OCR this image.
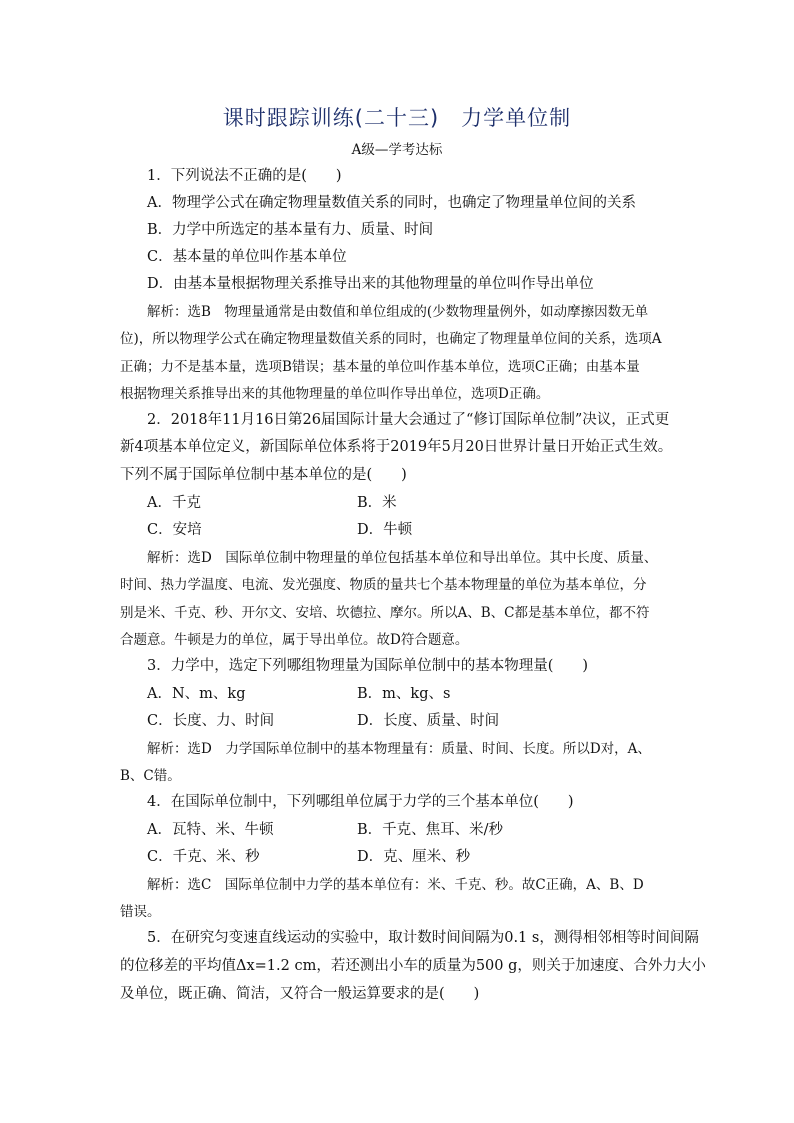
课时跟踪训练(二十三)　力学单位制
A级—学考达标
1．下列说法不正确的是(　　)
A．物理学公式在确定物理量数值关系的同时，也确定了物理量单位间的关系
B．力学中所选定的基本量有力、质量、时间
C．基本量的单位叫作基本单位
D．由基本量根据物理关系推导出来的其他物理量的单位叫作导出单位
解析：选B　物理量通常是由数值和单位组成的(少数物理量例外，如动摩擦因数无单
位)，所以物理学公式在确定物理量数值关系的同时，也确定了物理量单位间的关系，选项A
正确；力不是基本量，选项B错误；基本量的单位叫作基本单位，选项C正确；由基本量
根据物理关系推导出来的其他物理量的单位叫作导出单位，选项D正确。
2．2018年11月16日第26届国际计量大会通过了“修订国际单位制”决议，正式更
新4项基本单位定义，新国际单位体系将于2019年5月20日世界计量日开始正式生效。
下列不属于国际单位制中基本单位的是(　　)
A．千克	B．米
C．安培	D．牛顿
解析：选D　国际单位制中物理量的单位包括基本单位和导出单位。其中长度、质量、
时间、热力学温度、电流、发光强度、物质的量共七个基本物理量的单位为基本单位，分
别是米、千克、秒、开尔文、安培、坎德拉、摩尔。所以A、B、C都是基本单位，都不符
合题意。牛顿是力的单位，属于导出单位。故D符合题意。
3．力学中，选定下列哪组物理量为国际单位制中的基本物理量(　　)
A．N、m、kg	B．m、kg、s
C．长度、力、时间	D．长度、质量、时间
解析：选D　力学国际单位制中的基本物理量有：质量、时间、长度。所以D对，A、
B、C错。
4．在国际单位制中，下列哪组单位属于力学的三个基本单位(　　)
A．瓦特、米、牛顿	B．千克、焦耳、米/秒
C．千克、米、秒	D．克、厘米、秒
解析：选C　国际单位制中力学的基本单位有：米、千克、秒。故C正确，A、B、D
错误。
5．在研究匀变速直线运动的实验中，取计数时间间隔为0.1 s，测得相邻相等时间间隔
的位移差的平均值Δx=1.2 cm，若还测出小车的质量为500 g，则关于加速度、合外力大小
及单位，既正确、简洁，又符合一般运算要求的是(　　)
